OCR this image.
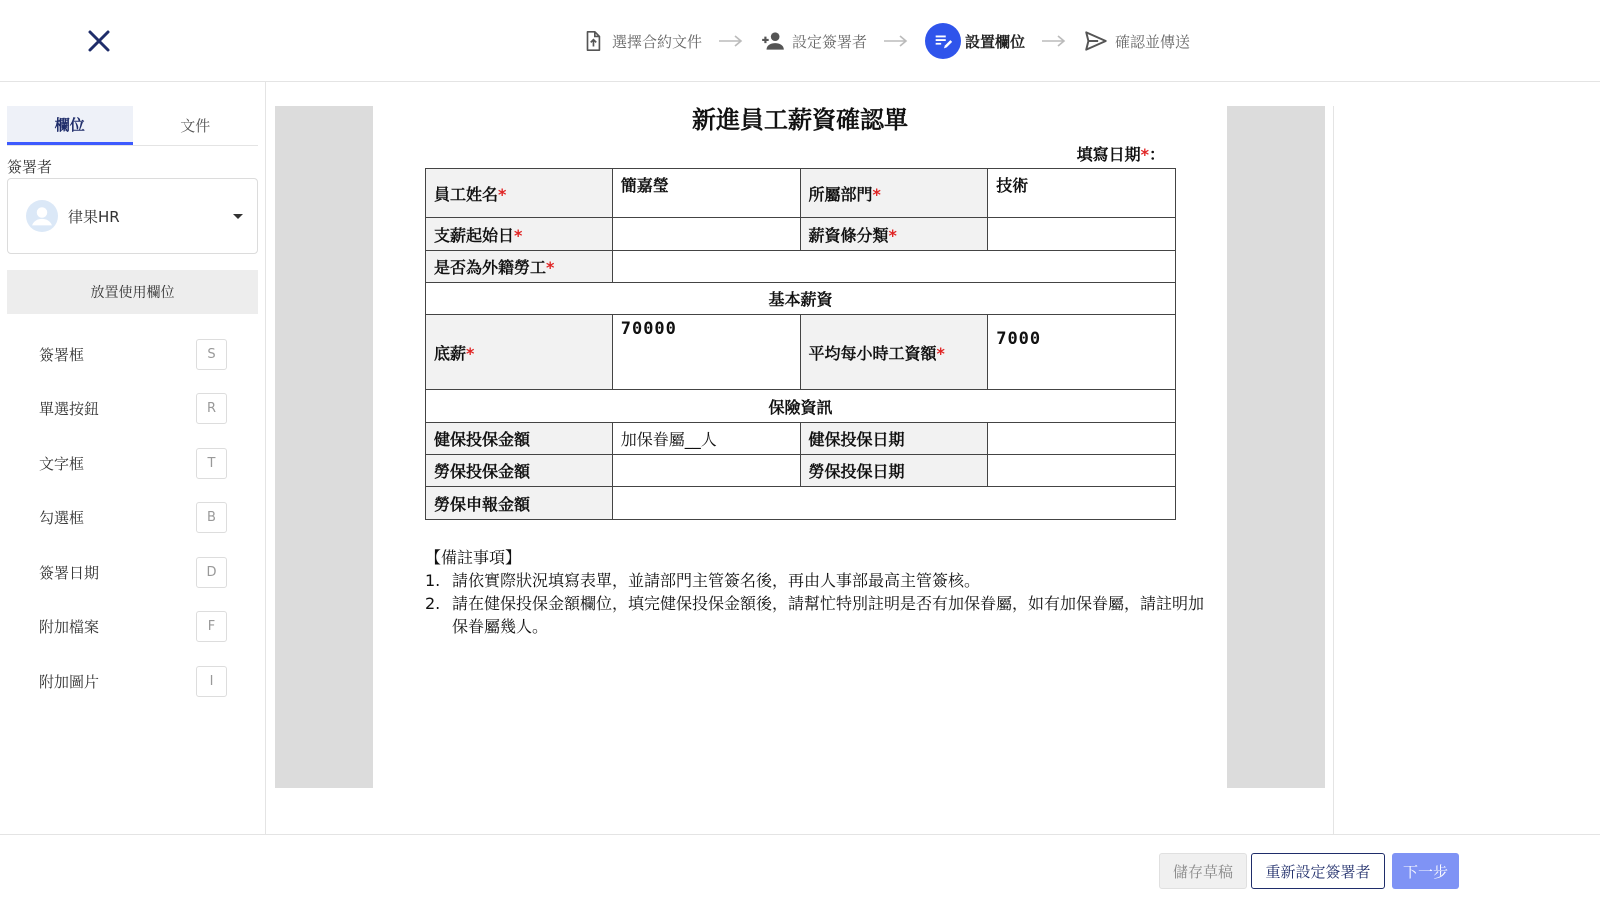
選擇合約文件	設定簽署者	設置欄位	確認並傳送
欄位	文件
簽署者
律果HR
放置使用欄位
簽署框	S
單選按鈕	R
文字框	T
勾選框	B
簽署日期	D
附加檔案	F
附加圖片	I
新進員工薪資確認單
填寫日期*：
員工姓名*	簡嘉瑩	所屬部門*	技術
支薪起始日*		薪資條分類*	
是否為外籍勞工*			
基本薪資			
底薪*	70000	平均每小時工資額*	7000
保險資訊			
健保投保金額	加保眷屬__人	健保投保日期	
勞保投保金額		勞保投保日期	
勞保申報金額			
【備註事項】
1. 請依實際狀況填寫表單，並請部門主管簽名後，再由人事部最高主管簽核。
2. 請在健保投保金額欄位，填完健保投保金額後，請幫忙特別註明是否有加保眷屬，如有加保眷屬，請註明加保眷屬幾人。
儲存草稿	重新設定簽署者	下一步
